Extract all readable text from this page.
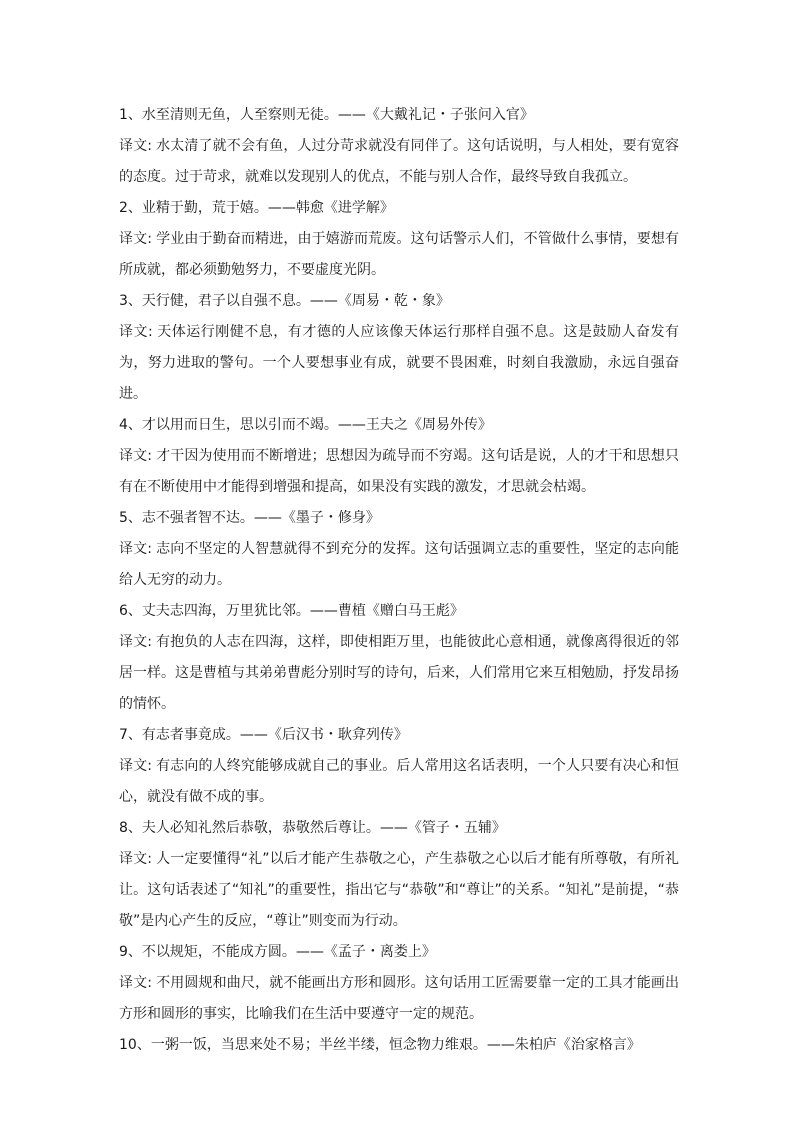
1、水至清则无鱼，人至察则无徒。——《大戴礼记・子张问入官》

译文: 水太清了就不会有鱼，人过分苛求就没有同伴了。这句话说明，与人相处，要有宽容的态度。过于苛求，就难以发现别人的优点，不能与别人合作，最终导致自我孤立。

2、业精于勤，荒于嬉。——韩愈《进学解》

译文: 学业由于勤奋而精进，由于嬉游而荒废。这句话警示人们，不管做什么事情，要想有所成就，都必须勤勉努力，不要虚度光阴。

3、天行健，君子以自强不息。——《周易・乾・象》

译文: 天体运行刚健不息，有才德的人应该像天体运行那样自强不息。这是鼓励人奋发有为，努力进取的警句。一个人要想事业有成，就要不畏困难，时刻自我激励，永远自强奋进。

4、才以用而日生，思以引而不竭。——王夫之《周易外传》

译文: 才干因为使用而不断增进；思想因为疏导而不穷竭。这句话是说，人的才干和思想只有在不断使用中才能得到增强和提高，如果没有实践的激发，才思就会枯竭。

5、志不强者智不达。——《墨子・修身》

译文: 志向不坚定的人智慧就得不到充分的发挥。这句话强调立志的重要性，坚定的志向能给人无穷的动力。

6、丈夫志四海，万里犹比邻。——曹植《赠白马王彪》

译文: 有抱负的人志在四海，这样，即使相距万里，也能彼此心意相通，就像离得很近的邻居一样。这是曹植与其弟弟曹彪分别时写的诗句，后来，人们常用它来互相勉励，抒发昂扬的情怀。

7、有志者事竟成。——《后汉书・耿弇列传》

译文: 有志向的人终究能够成就自己的事业。后人常用这名话表明，一个人只要有决心和恒心，就没有做不成的事。

8、夫人必知礼然后恭敬，恭敬然后尊让。——《管子・五辅》

译文: 人一定要懂得“礼”以后才能产生恭敬之心，产生恭敬之心以后才能有所尊敬，有所礼让。这句话表述了“知礼”的重要性，指出它与“恭敬”和“尊让”的关系。“知礼”是前提，“恭敬”是内心产生的反应，“尊让”则变而为行动。

9、不以规矩，不能成方圆。——《孟子・离娄上》

译文: 不用圆规和曲尺，就不能画出方形和圆形。这句话用工匠需要靠一定的工具才能画出方形和圆形的事实，比喻我们在生活中要遵守一定的规范。

10、一粥一饭，当思来处不易；半丝半缕，恒念物力维艰。——朱柏庐《治家格言》
